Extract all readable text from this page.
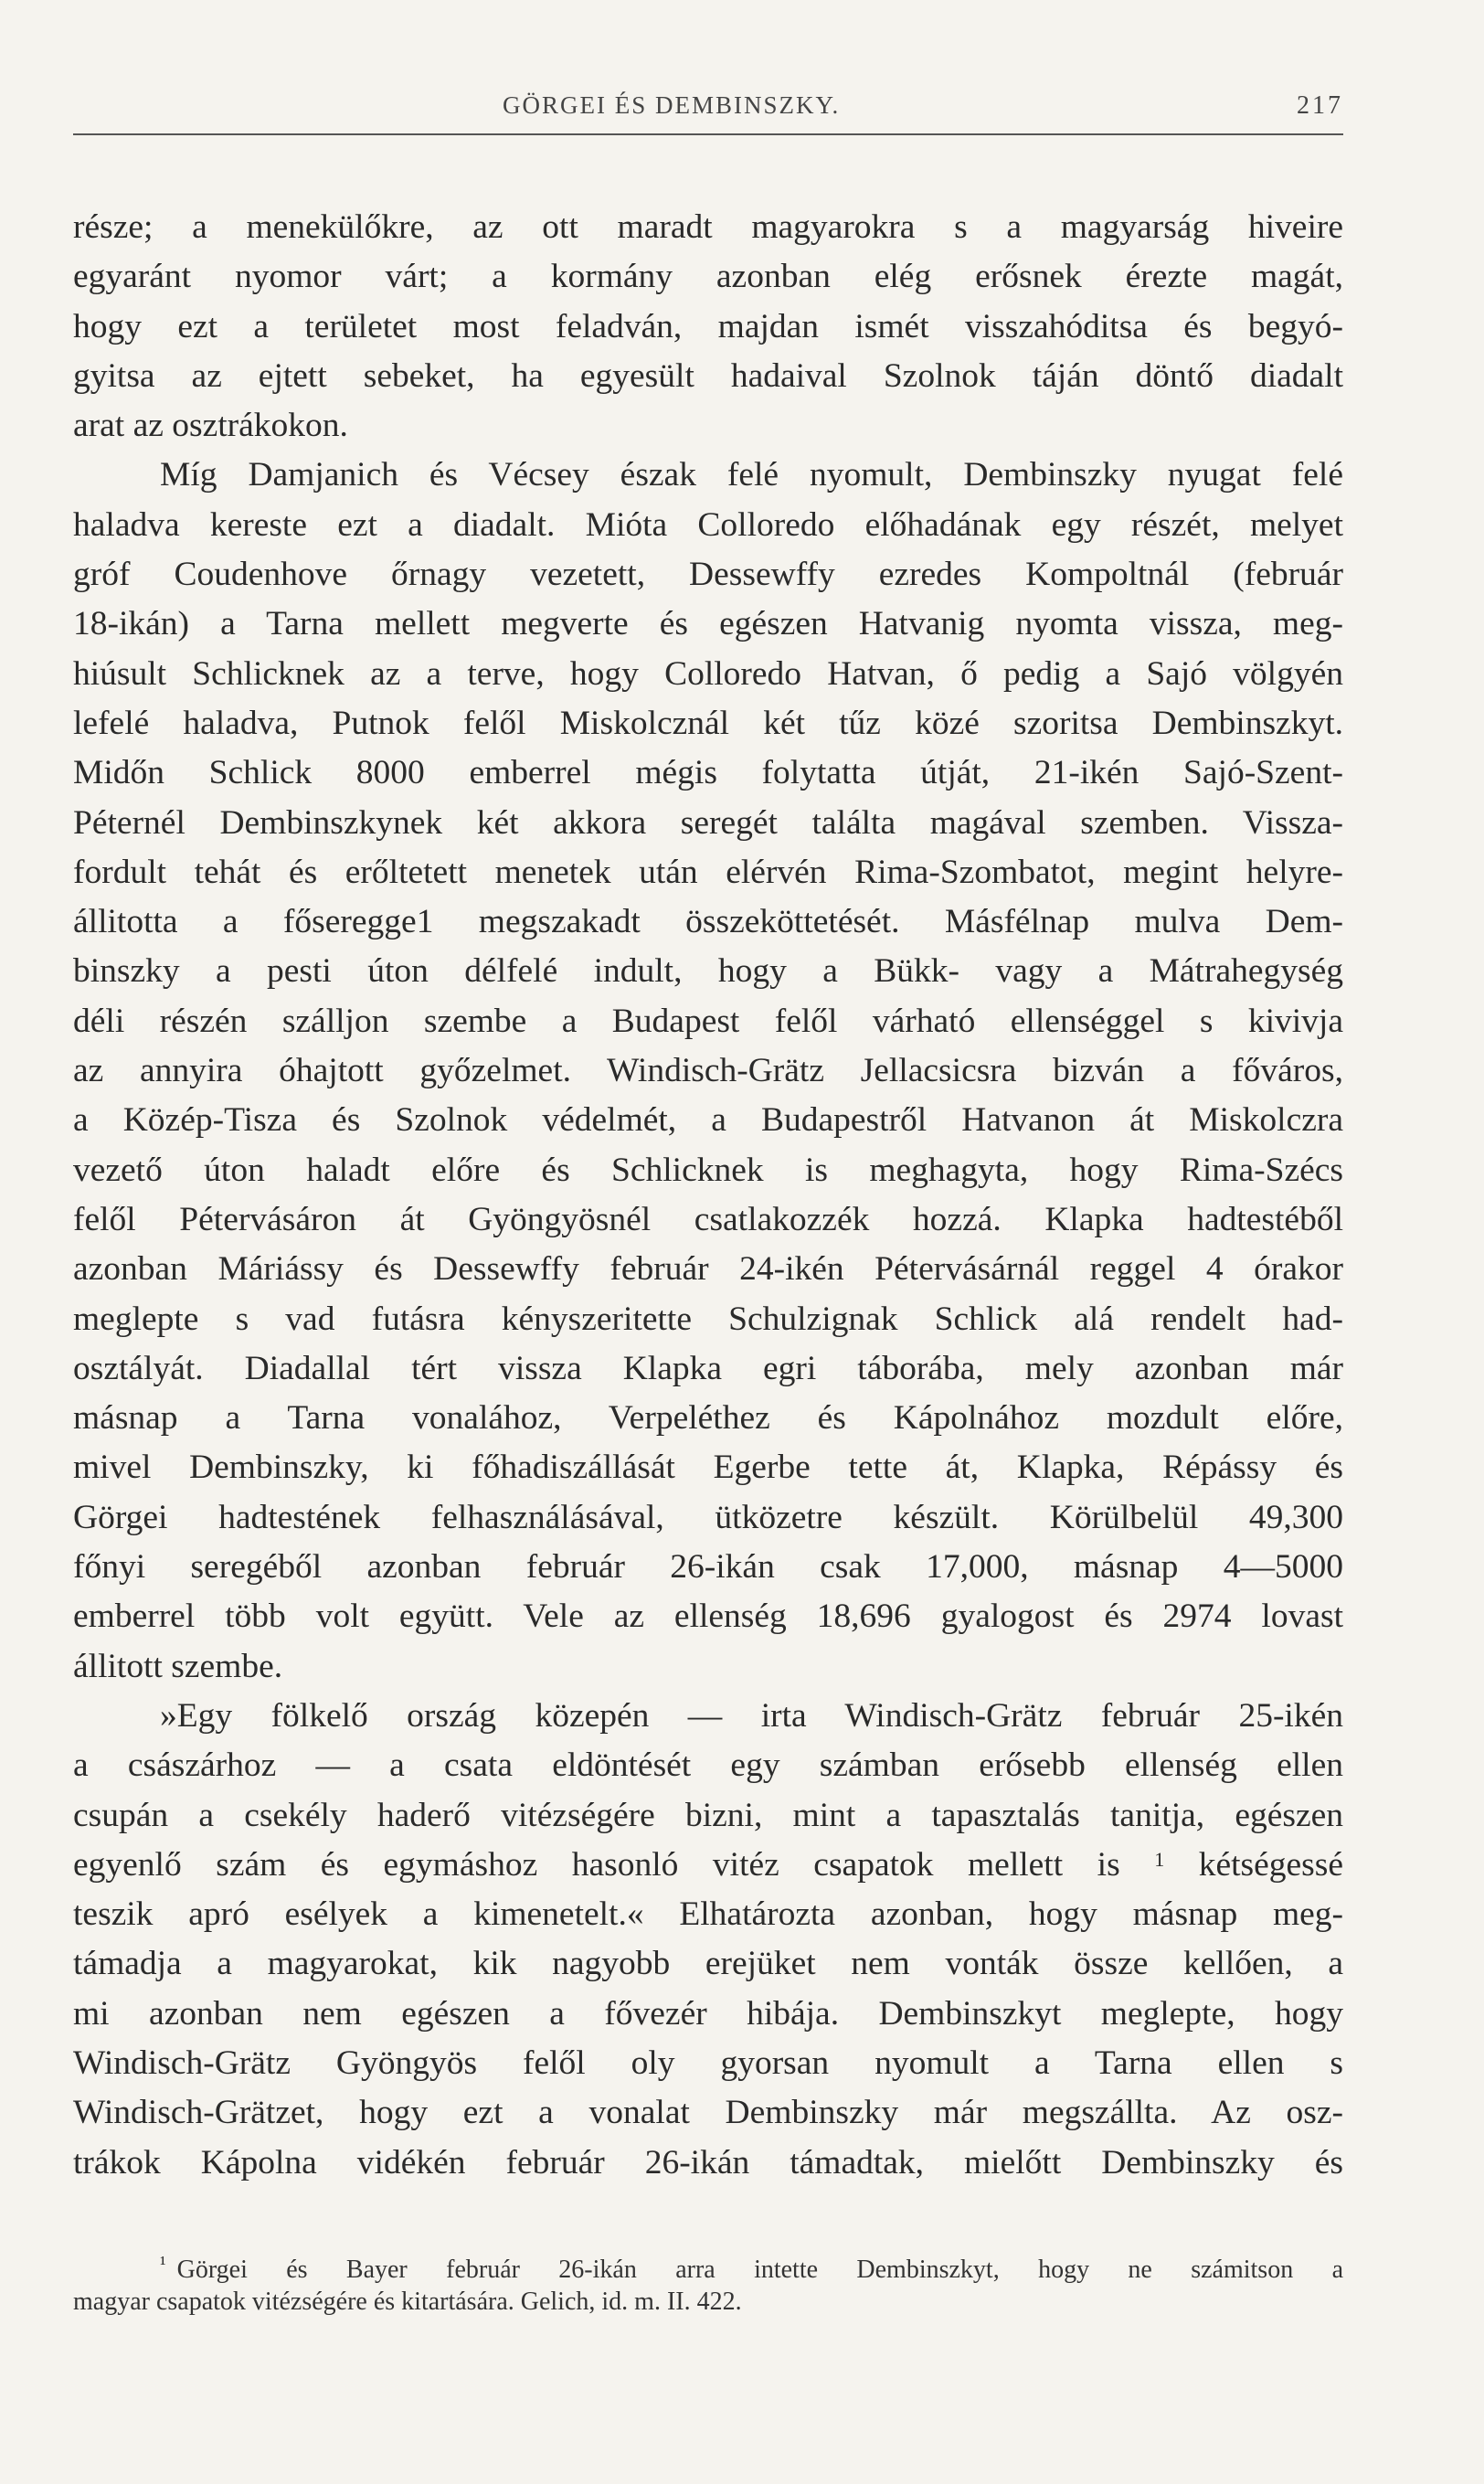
GÖRGEI ÉS DEMBINSZKY.	217
része; a menekülőkre, az ott maradt magyarokra s a magyarság hiveire
egyaránt nyomor várt; a kormány azonban elég erősnek érezte magát,
hogy ezt a területet most feladván, majdan ismét visszahóditsa és begyó-
gyitsa az ejtett sebeket, ha egyesült hadaival Szolnok táján döntő diadalt
arat az osztrákokon.
Míg Damjanich és Vécsey észak felé nyomult, Dembinszky nyugat felé
haladva kereste ezt a diadalt. Mióta Colloredo előhadának egy részét, melyet
gróf Coudenhove őrnagy vezetett, Dessewffy ezredes Kompoltnál (február
18-ikán) a Tarna mellett megverte és egészen Hatvanig nyomta vissza, meg-
hiúsult Schlicknek az a terve, hogy Colloredo Hatvan, ő pedig a Sajó völgyén
lefelé haladva, Putnok felől Miskolcznál két tűz közé szoritsa Dembinszkyt.
Midőn Schlick 8000 emberrel mégis folytatta útját, 21-ikén Sajó-Szent-
Péternél Dembinszkynek két akkora seregét találta magával szemben. Vissza-
fordult tehát és erőltetett menetek után elérvén Rima-Szombatot, megint helyre-
állitotta a főseregge1 megszakadt összeköttetését. Másfélnap mulva Dem-
binszky a pesti úton délfelé indult, hogy a Bükk- vagy a Mátrahegység
déli részén szálljon szembe a Budapest felől várható ellenséggel s kivivja
az annyira óhajtott győzelmet. Windisch-Grätz Jellacsicsra bizván a főváros,
a Közép-Tisza és Szolnok védelmét, a Budapestről Hatvanon át Miskolczra
vezető úton haladt előre és Schlicknek is meghagyta, hogy Rima-Szécs
felől Pétervásáron át Gyöngyösnél csatlakozzék hozzá. Klapka hadtestéből
azonban Máriássy és Dessewffy február 24-ikén Pétervásárnál reggel 4 órakor
meglepte s vad futásra kényszeritette Schulzignak Schlick alá rendelt had-
osztályát. Diadallal tért vissza Klapka egri táborába, mely azonban már
másnap a Tarna vonalához, Verpeléthez és Kápolnához mozdult előre,
mivel Dembinszky, ki főhadiszállását Egerbe tette át, Klapka, Répássy és
Görgei hadtestének felhasználásával, ütközetre készült. Körülbelül 49,300
főnyi seregéből azonban február 26-ikán csak 17,000, másnap 4—5000
emberrel több volt együtt. Vele az ellenség 18,696 gyalogost és 2974 lovast
állitott szembe.
»Egy fölkelő ország közepén — irta Windisch-Grätz február 25-ikén
a császárhoz — a csata eldöntését egy számban erősebb ellenség ellen
csupán a csekély haderő vitézségére bizni, mint a tapasztalás tanitja, egészen
egyenlő szám és egymáshoz hasonló vitéz csapatok mellett is $^1$ kétségessé
teszik apró esélyek a kimenetelt.« Elhatározta azonban, hogy másnap meg-
támadja a magyarokat, kik nagyobb erejüket nem vonták össze kellően, a
mi azonban nem egészen a fővezér hibája. Dembinszkyt meglepte, hogy
Windisch-Grätz Gyöngyös felől oly gyorsan nyomult a Tarna ellen s
Windisch-Grätzet, hogy ezt a vonalat Dembinszky már megszállta. Az osz-
trákok Kápolna vidékén február 26-ikán támadtak, mielőtt Dembinszky és
$^{^1}$ Görgei és Bayer február 26-ikán arra intette Dembinszkyt, hogy ne számitson a
magyar csapatok vitézségére és kitartására. Gelich, id. m. II. 422.
